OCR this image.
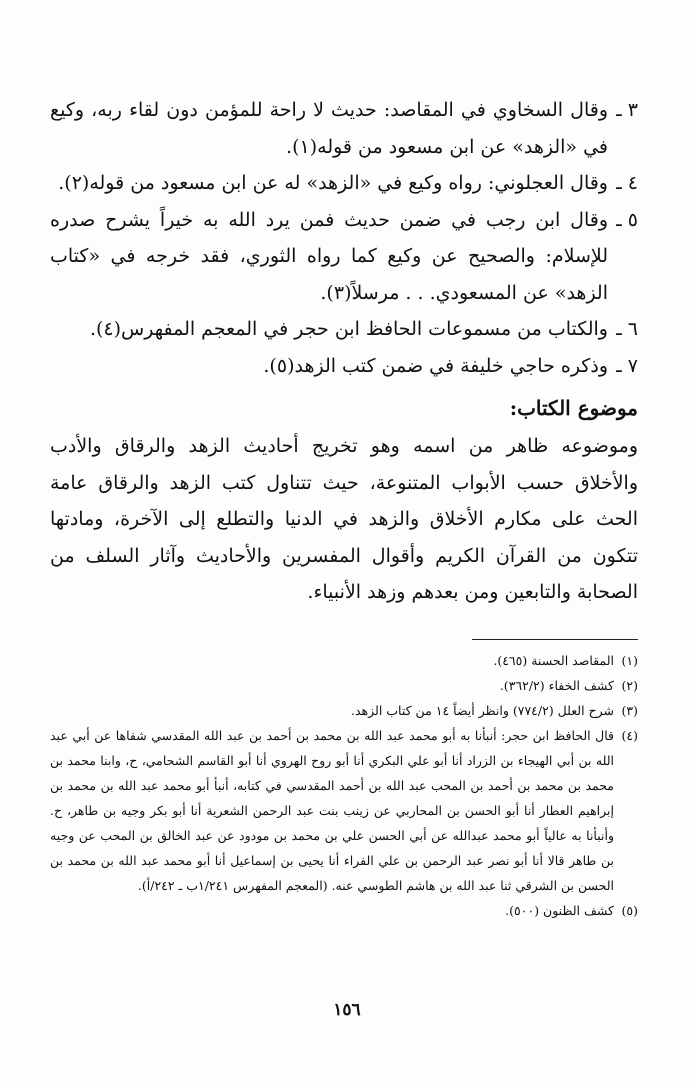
٣ ـوقال السخاوي في المقاصد: حديث لا راحة للمؤمن دون لقاء ربه، وكيع في «الزهد» عن ابن مسعود من قوله(١).

٤ ـوقال العجلوني: رواه وكيع في «الزهد» له عن ابن مسعود من قوله(٢).

٥ ـوقال ابن رجب في ضمن حديث فمن يرد الله به خيراً يشرح صدره للإسلام: والصحيح عن وكيع كما رواه الثوري، فقد خرجه في «كتاب الزهد» عن المسعودي. . . مرسلاً(٣).

٦ ـوالكتاب من مسموعات الحافظ ابن حجر في المعجم المفهرس(٤).

٧ ـوذكره حاجي خليفة في ضمن كتب الزهد(٥).

موضوع الكتاب:

وموضوعه ظاهر من اسمه وهو تخريج أحاديث الزهد والرقاق والأدب والأخلاق حسب الأبواب المتنوعة، حيث تتناول كتب الزهد والرقاق عامة الحث على مكارم الأخلاق والزهد في الدنيا والتطلع إلى الآخرة، ومادتها تتكون من القرآن الكريم وأقوال المفسرين والأحاديث وآثار السلف من الصحابة والتابعين ومن بعدهم وزهد الأنبياء.

(١)المقاصد الحسنة (٤٦٥).

(٢)كشف الخفاء (٣٦٢/٢).

(٣)شرح العلل (٧٧٤/٢) وانظر أيضاً ١٤ من كتاب الزهد.

(٤)قال الحافظ ابن حجر: أنبأنا به أبو محمد عبد الله بن محمد بن أحمد بن عبد الله المقدسي شفاها عن أبي عبد الله بن أبي الهيجاء بن الزراد أنا أبو علي البكري أنا أبو روح الهروي أنا أبو القاسم الشحامي، ح، وابنا محمد بن محمد بن محمد بن أحمد بن المحب عبد الله بن أحمد المقدسي في كتابه، أنبأ أبو محمد عبد الله بن محمد بن إبراهيم العطار أنا أبو الحسن بن المحاربي عن زينب بنت عبد الرحمن الشعرية أنا أبو بكر وجيه بن طاهر، ح. وأنبأنا به عالياً أبو محمد عبدالله عن أبي الحسن علي بن محمد بن مودود عن عبد الخالق بن المحب عن وجيه بن طاهر قالا أنا أبو نصر عبد الرحمن بن علي الفراء أنا يحيى بن إسماعيل أنا أبو محمد عبد الله بن محمد بن الحسن بن الشرقي ثنا عبد الله بن هاشم الطوسي عنه. (المعجم المفهرس ١/٢٤١ب ـ ٢٤٢/أ).

(٥)كشف الظنون (٥٠٠).

١٥٦
